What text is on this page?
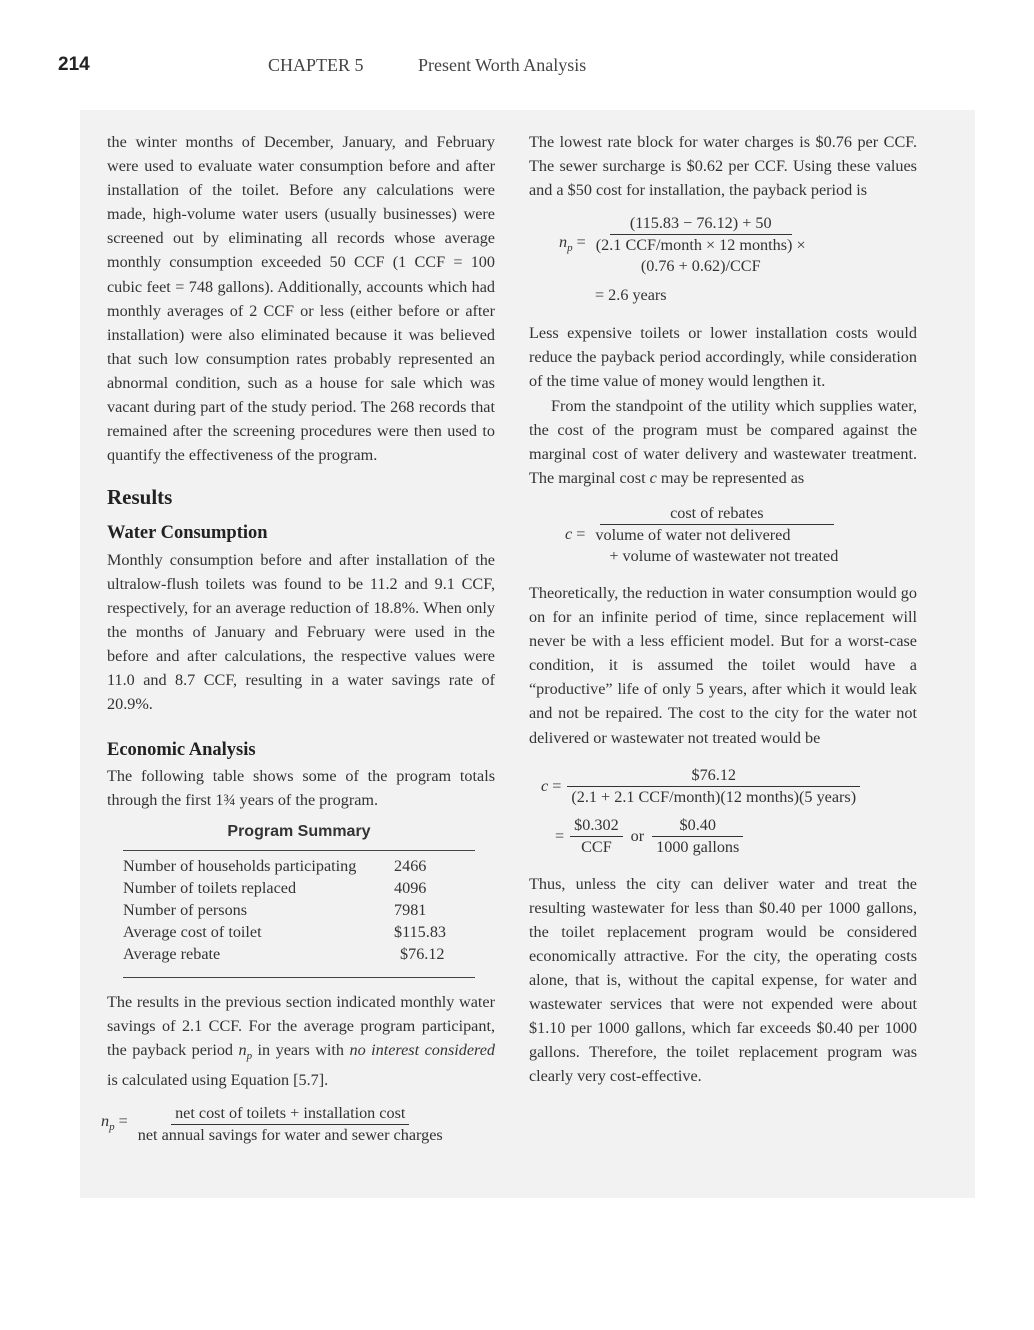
214	CHAPTER 5	Present Worth Analysis

the winter months of December, January, and February were used to evaluate water consumption before and after installation of the toilet. Before any calculations were made, high-volume water users (usually businesses) were screened out by eliminating all records whose average monthly consumption exceeded 50 CCF (1 CCF = 100 cubic feet = 748 gallons). Additionally, accounts which had monthly averages of 2 CCF or less (either before or after installation) were also eliminated because it was believed that such low consumption rates probably represented an abnormal condition, such as a house for sale which was vacant during part of the study period. The 268 records that remained after the screening procedures were then used to quantify the effectiveness of the program.

Results
Water Consumption

Monthly consumption before and after installation of the ultralow-flush toilets was found to be 11.2 and 9.1 CCF, respectively, for an average reduction of 18.8%. When only the months of January and February were used in the before and after calculations, the respective values were 11.0 and 8.7 CCF, resulting in a water savings rate of 20.9%.

Economic Analysis

The following table shows some of the program totals through the first 1¾ years of the program.

Program Summary
Number of households participating	2466
Number of toilets replaced	4096
Number of persons	7981
Average cost of toilet	$115.83
Average rebate	$76.12

The results in the previous section indicated monthly water savings of 2.1 CCF. For the average program participant, the payback period $n_p$ in years with no interest considered is calculated using Equation [5.7].

$n_p = \frac{\text{net cost of toilets + installation cost}}{\text{net annual savings for water and sewer charges}}$

The lowest rate block for water charges is $0.76 per CCF. The sewer surcharge is $0.62 per CCF. Using these values and a $50 cost for installation, the payback period is

$n_p$ =
(115.83 − 76.12) + 50
(2.1 CCF/month × 12 months) ×
(0.76 + 0.62)/CCF
= 2.6 years

Less expensive toilets or lower installation costs would reduce the payback period accordingly, while consideration of the time value of money would lengthen it.

From the standpoint of the utility which supplies water, the cost of the program must be compared against the marginal cost of water delivery and wastewater treatment. The marginal cost c may be represented as

c =
cost of rebates
volume of water not delivered
+ volume of wastewater not treated

Theoretically, the reduction in water consumption would go on for an infinite period of time, since replacement will never be with a less efficient model. But for a worst-case condition, it is assumed the toilet would have a “productive” life of only 5 years, after which it would leak and not be repaired. The cost to the city for the water not delivered or wastewater not treated would be

$c = \frac{\$76.12}{\text{(2.1 + 2.1 CCF/month)(12 months)(5 years)}}$
= $\frac{\$0.302}{\text{CCF}}$ or $\frac{\$0.40}{\text{1000 gallons}}$

Thus, unless the city can deliver water and treat the resulting wastewater for less than $0.40 per 1000 gallons, the toilet replacement program would be considered economically attractive. For the city, the operating costs alone, that is, without the capital expense, for water and wastewater services that were not expended were about $1.10 per 1000 gallons, which far exceeds $0.40 per 1000 gallons. Therefore, the toilet replacement program was clearly very cost-effective.
